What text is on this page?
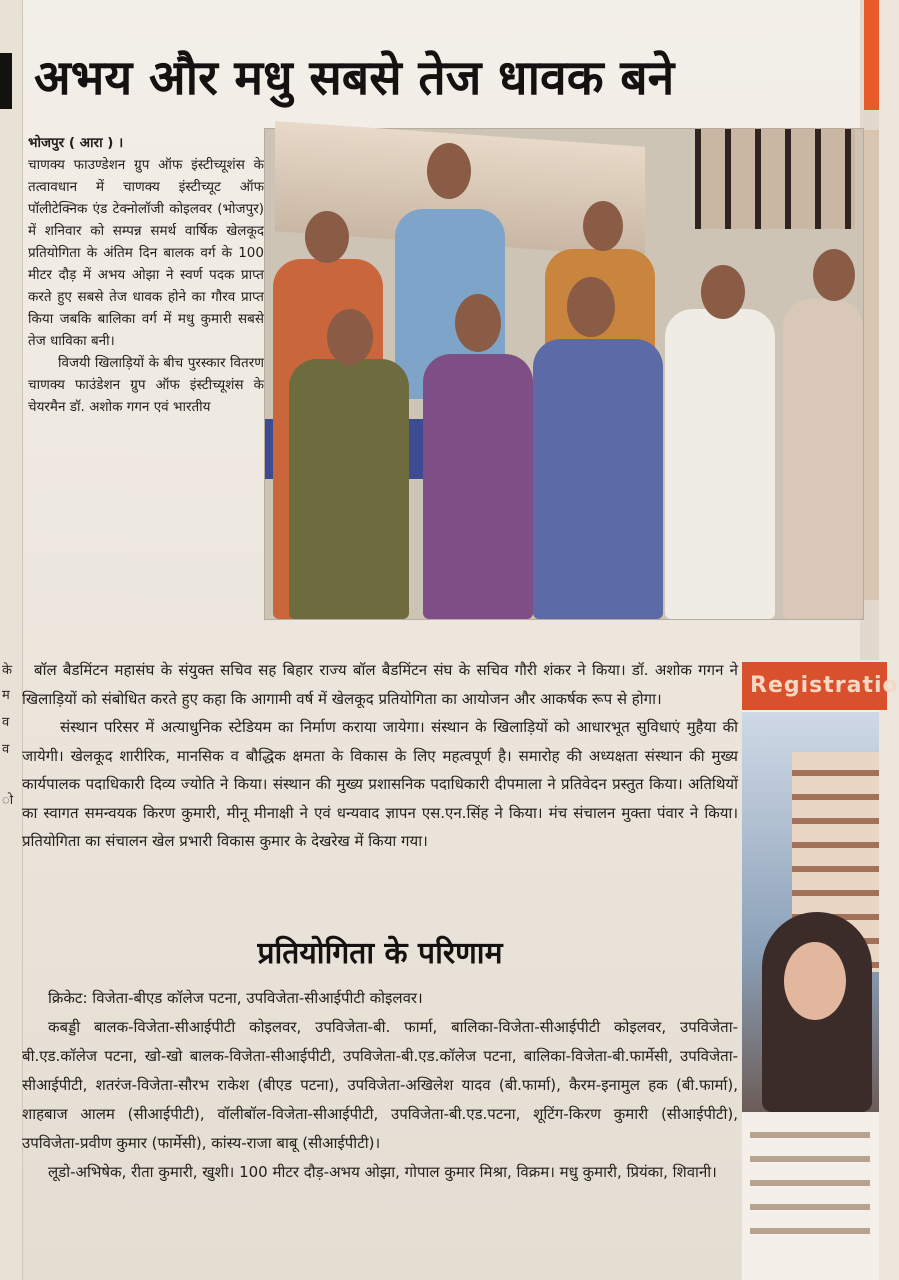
के
म
व
व
ो
अभय और मधु सबसे तेज धावक बने

भोजपुर ( आरा ) ।

चाणक्य फाउण्डेशन ग्रुप ऑफ इंस्टीच्यूशंस के तत्वावधान में चाणक्य इंस्टीच्यूट ऑफ पॉलीटेक्निक एंड टेक्नोलॉजी कोइलवर (भोजपुर) में शनिवार को सम्पन्न समर्थ वार्षिक खेलकूद प्रतियोगिता के अंतिम दिन बालक वर्ग के 100 मीटर दौड़ में अभय ओझा ने स्वर्ण पदक प्राप्त करते हुए सबसे तेज धावक होने का गौरव प्राप्त किया जबकि बालिका वर्ग में मधु कुमारी सबसे तेज धाविका बनी।

विजयी खिलाड़ियों के बीच पुरस्कार वितरण चाणक्य फाउंडेशन ग्रुप ऑफ इंस्टीच्यूशंस के चेयरमैन डॉ. अशोक गगन एवं भारतीय

बॉल बैडमिंटन महासंघ के संयुक्त सचिव सह बिहार राज्य बॉल बैडमिंटन संघ के सचिव गौरी शंकर ने किया। डॉ. अशोक गगन ने खिलाड़ियों को संबोधित करते हुए कहा कि आगामी वर्ष में खेलकूद प्रतियोगिता का आयोजन और आकर्षक रूप से होगा।

संस्थान परिसर में अत्याधुनिक स्टेडियम का निर्माण कराया जायेगा। संस्थान के खिलाड़ियों को आधारभूत सुविधाएं मुहैया की जायेगी। खेलकूद शारीरिक, मानसिक व बौद्धिक क्षमता के विकास के लिए महत्वपूर्ण है। समारोह की अध्यक्षता संस्थान की मुख्य कार्यपालक पदाधिकारी दिव्य ज्योति ने किया। संस्थान की मुख्य प्रशासनिक पदाधिकारी दीपमाला ने प्रतिवेदन प्रस्तुत किया। अतिथियों का स्वागत समन्वयक किरण कुमारी, मीनू मीनाक्षी ने एवं धन्यवाद ज्ञापन एस.एन.सिंह ने किया। मंच संचालन मुक्ता पंवार ने किया। प्रतियोगिता का संचालन खेल प्रभारी विकास कुमार के देखरेख में किया गया।

प्रतियोगिता के परिणाम

क्रिकेट: विजेता-बीएड कॉलेज पटना, उपविजेता-सीआईपीटी कोइलवर।

कबड्डी बालक-विजेता-सीआईपीटी कोइलवर, उपविजेता-बी. फार्मा, बालिका-विजेता-सीआईपीटी कोइलवर, उपविजेता-बी.एड.कॉलेज पटना, खो-खो बालक-विजेता-सीआईपीटी, उपविजेता-बी.एड.कॉलेज पटना, बालिका-विजेता-बी.फार्मेसी, उपविजेता-सीआईपीटी, शतरंज-विजेता-सौरभ राकेश (बीएड पटना), उपविजेता-अखिलेश यादव (बी.फार्मा), कैरम-इनामुल हक (बी.फार्मा), शाहबाज आलम (सीआईपीटी), वॉलीबॉल-विजेता-सीआईपीटी, उपविजेता-बी.एड.पटना, शूटिंग-किरण कुमारी (सीआईपीटी), उपविजेता-प्रवीण कुमार (फार्मेसी), कांस्य-राजा बाबू (सीआईपीटी)।

लूडो-अभिषेक, रीता कुमारी, खुशी। 100 मीटर दौड़-अभय ओझा, गोपाल कुमार मिश्रा, विक्रम। मधु कुमारी, प्रियंका, शिवानी।

Registratio
